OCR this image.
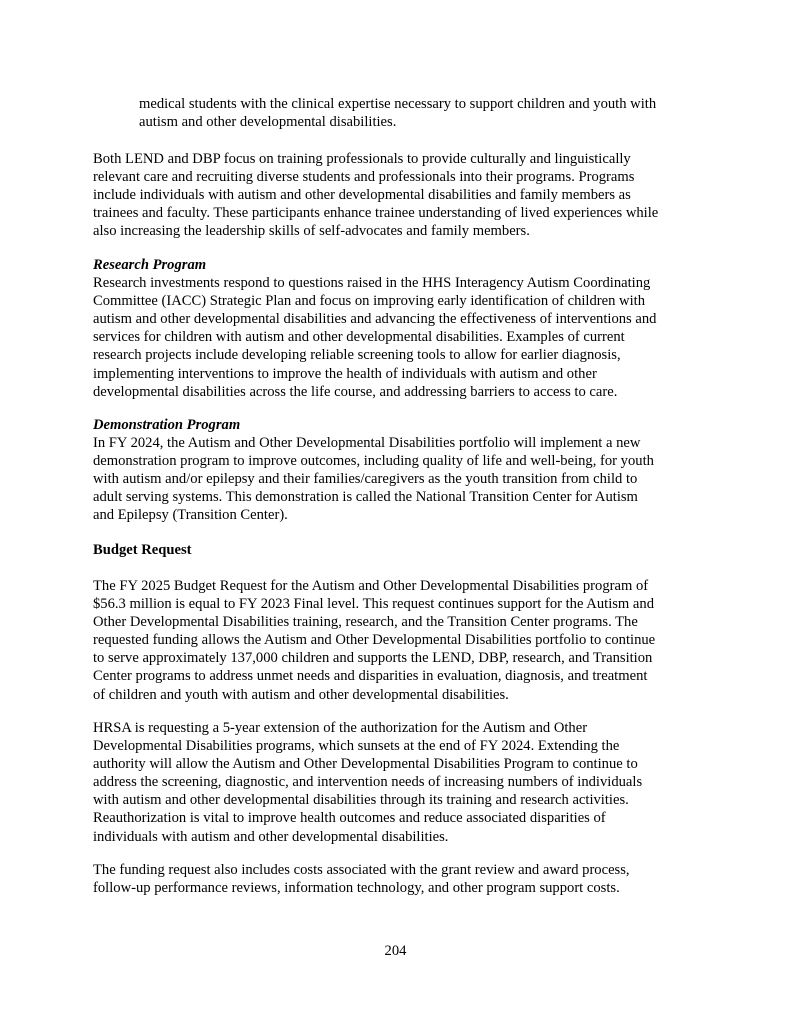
medical students with the clinical expertise necessary to support children and youth with
autism and other developmental disabilities.
Both LEND and DBP focus on training professionals to provide culturally and linguistically
relevant care and recruiting diverse students and professionals into their programs. Programs
include individuals with autism and other developmental disabilities and family members as
trainees and faculty. These participants enhance trainee understanding of lived experiences while
also increasing the leadership skills of self-advocates and family members.
Research Program
Research investments respond to questions raised in the HHS Interagency Autism Coordinating
Committee (IACC) Strategic Plan and focus on improving early identification of children with
autism and other developmental disabilities and advancing the effectiveness of interventions and
services for children with autism and other developmental disabilities. Examples of current
research projects include developing reliable screening tools to allow for earlier diagnosis,
implementing interventions to improve the health of individuals with autism and other
developmental disabilities across the life course, and addressing barriers to access to care.
Demonstration Program
In FY 2024, the Autism and Other Developmental Disabilities portfolio will implement a new
demonstration program to improve outcomes, including quality of life and well-being, for youth
with autism and/or epilepsy and their families/caregivers as the youth transition from child to
adult serving systems. This demonstration is called the National Transition Center for Autism
and Epilepsy (Transition Center).
Budget Request
The FY 2025 Budget Request for the Autism and Other Developmental Disabilities program of
$56.3 million is equal to FY 2023 Final level. This request continues support for the Autism and
Other Developmental Disabilities training, research, and the Transition Center programs. The
requested funding allows the Autism and Other Developmental Disabilities portfolio to continue
to serve approximately 137,000 children and supports the LEND, DBP, research, and Transition
Center programs to address unmet needs and disparities in evaluation, diagnosis, and treatment
of children and youth with autism and other developmental disabilities.
HRSA is requesting a 5-year extension of the authorization for the Autism and Other
Developmental Disabilities programs, which sunsets at the end of FY 2024. Extending the
authority will allow the Autism and Other Developmental Disabilities Program to continue to
address the screening, diagnostic, and intervention needs of increasing numbers of individuals
with autism and other developmental disabilities through its training and research activities.
Reauthorization is vital to improve health outcomes and reduce associated disparities of
individuals with autism and other developmental disabilities.
The funding request also includes costs associated with the grant review and award process,
follow-up performance reviews, information technology, and other program support costs.
204
